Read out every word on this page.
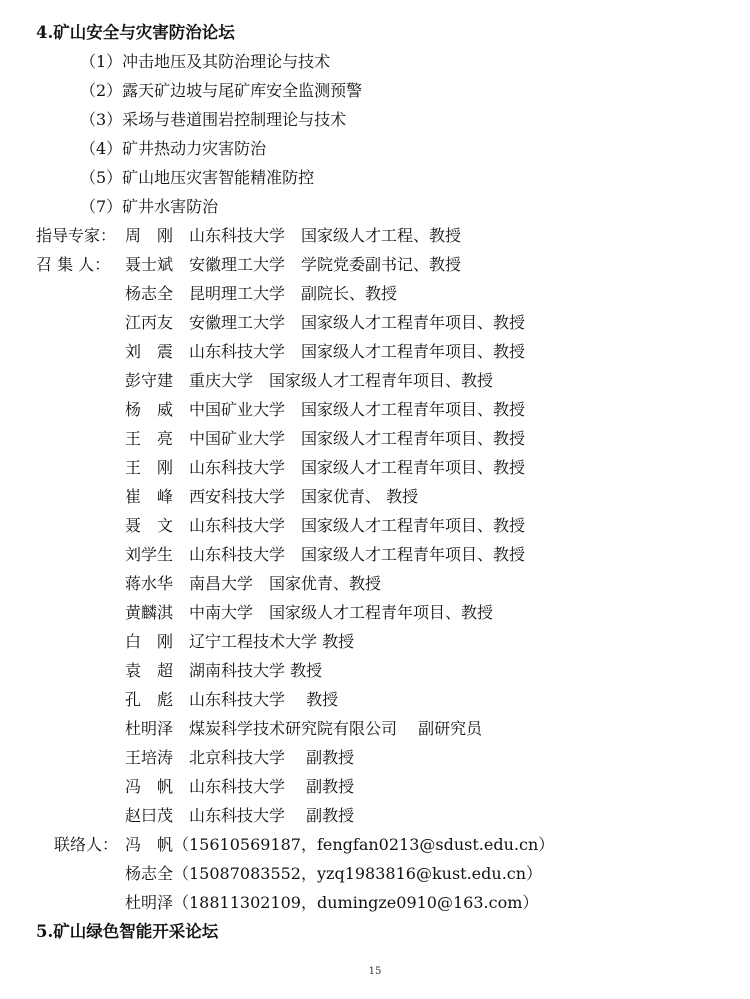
4.矿山安全与灾害防治论坛
（1）冲击地压及其防治理论与技术
（2）露天矿边坡与尾矿库安全监测预警
（3）采场与巷道围岩控制理论与技术
（4）矿井热动力灾害防治
（5）矿山地压灾害智能精准防控
（7）矿井水害防治
指导专家： 周　刚　山东科技大学　国家级人才工程、教授
召 集 人： 聂士斌　安徽理工大学　学院党委副书记、教授
杨志全　昆明理工大学　副院长、教授
江丙友　安徽理工大学　国家级人才工程青年项目、教授
刘　震　山东科技大学　国家级人才工程青年项目、教授
彭守建　重庆大学　国家级人才工程青年项目、教授
杨　威　中国矿业大学　国家级人才工程青年项目、教授
王　亮　中国矿业大学　国家级人才工程青年项目、教授
王　刚　山东科技大学　国家级人才工程青年项目、教授
崔　峰　西安科技大学　国家优青、 教授
聂　文　山东科技大学　国家级人才工程青年项目、教授
刘学生　山东科技大学　国家级人才工程青年项目、教授
蒋水华　南昌大学　国家优青、教授
黄麟淇　中南大学　国家级人才工程青年项目、教授
白　刚　辽宁工程技术大学 教授
袁　超　湖南科技大学 教授
孔　彪　山东科技大学　 教授
杜明泽　煤炭科学技术研究院有限公司　 副研究员
王培涛　北京科技大学　 副教授
冯　帆　山东科技大学　 副教授
赵曰茂　山东科技大学　 副教授
联络人： 冯　帆（15610569187，fengfan0213@sdust.edu.cn）
杨志全（15087083552，yzq1983816@kust.edu.cn）
杜明泽（18811302109，dumingze0910@163.com）
5.矿山绿色智能开采论坛
15
